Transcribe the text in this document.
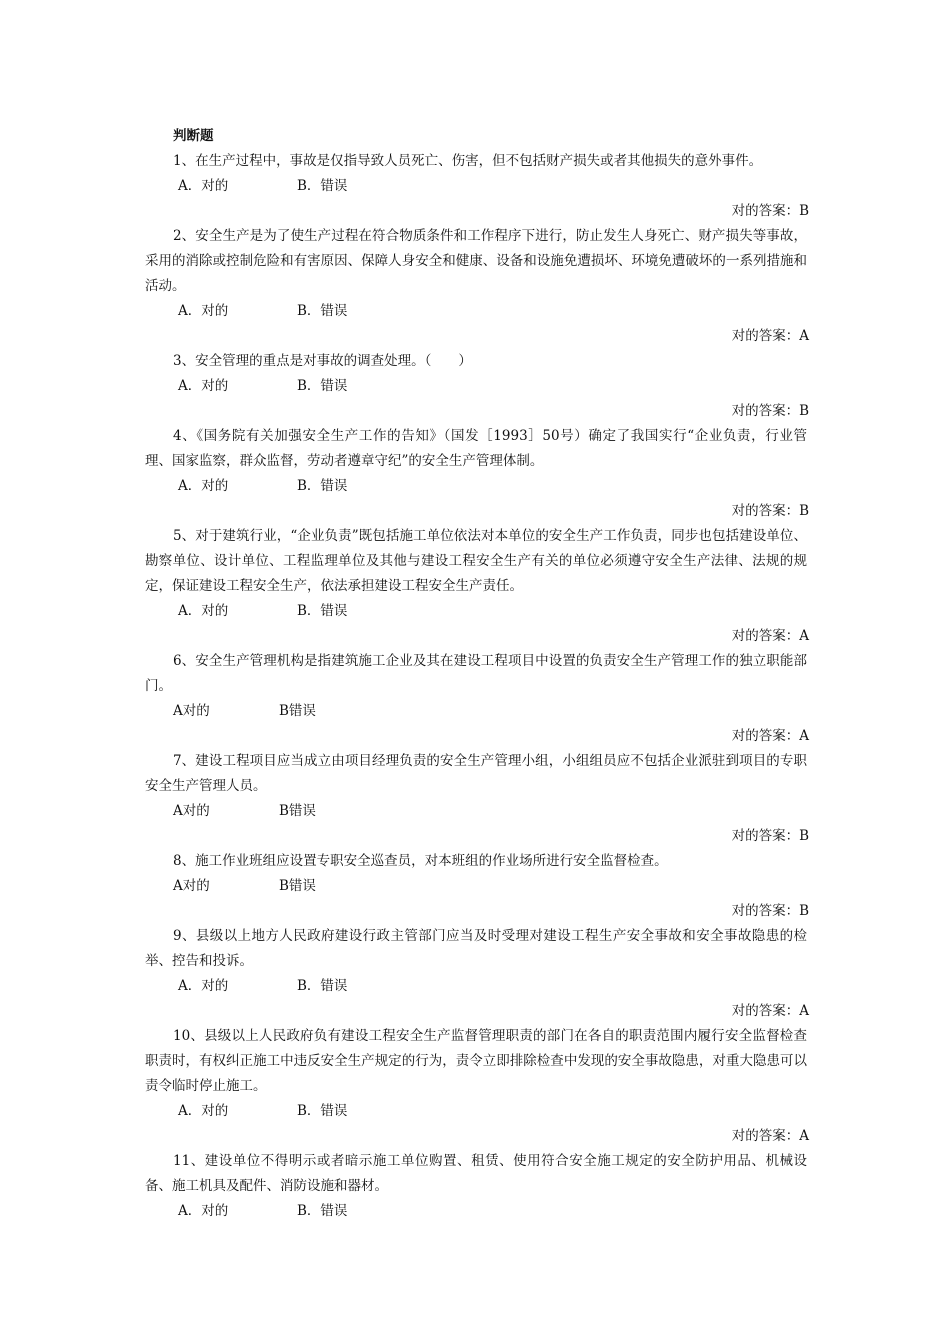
判断题

1、在生产过程中，事故是仅指导致人员死亡、伤害，但不包括财产损失或者其他损失的意外事件。

A．对的	B．错误
对的答案：B

2、安全生产是为了使生产过程在符合物质条件和工作程序下进行，防止发生人身死亡、财产损失等事故，采用的消除或控制危险和有害原因、保障人身安全和健康、设备和设施免遭损坏、环境免遭破坏的一系列措施和活动。

A．对的	B．错误
对的答案：A

3、安全管理的重点是对事故的调查处理。（　　）

A．对的	B．错误
对的答案：B

4、《国务院有关加强安全生产工作的告知》（国发［1993］50号）确定了我国实行“企业负责，行业管理、国家监察，群众监督，劳动者遵章守纪”的安全生产管理体制。

A．对的	B．错误
对的答案：B

5、对于建筑行业，“企业负责”既包括施工单位依法对本单位的安全生产工作负责，同步也包括建设单位、勘察单位、设计单位、工程监理单位及其他与建设工程安全生产有关的单位必须遵守安全生产法律、法规的规定，保证建设工程安全生产，依法承担建设工程安全生产责任。

A．对的	B．错误
对的答案：A

6、安全生产管理机构是指建筑施工企业及其在建设工程项目中设置的负责安全生产管理工作的独立职能部门。

A对的	B错误
对的答案：A

7、建设工程项目应当成立由项目经理负责的安全生产管理小组，小组组员应不包括企业派驻到项目的专职安全生产管理人员。

A对的	B错误
对的答案：B

8、施工作业班组应设置专职安全巡查员，对本班组的作业场所进行安全监督检查。

A对的	B错误
对的答案：B

9、县级以上地方人民政府建设行政主管部门应当及时受理对建设工程生产安全事故和安全事故隐患的检举、控告和投诉。

A．对的	B．错误
对的答案：A

10、县级以上人民政府负有建设工程安全生产监督管理职责的部门在各自的职责范围内履行安全监督检查职责时，有权纠正施工中违反安全生产规定的行为，责令立即排除检查中发现的安全事故隐患，对重大隐患可以责令临时停止施工。

A．对的	B．错误
对的答案：A

11、建设单位不得明示或者暗示施工单位购置、租赁、使用符合安全施工规定的安全防护用品、机械设备、施工机具及配件、消防设施和器材。

A．对的	B．错误
